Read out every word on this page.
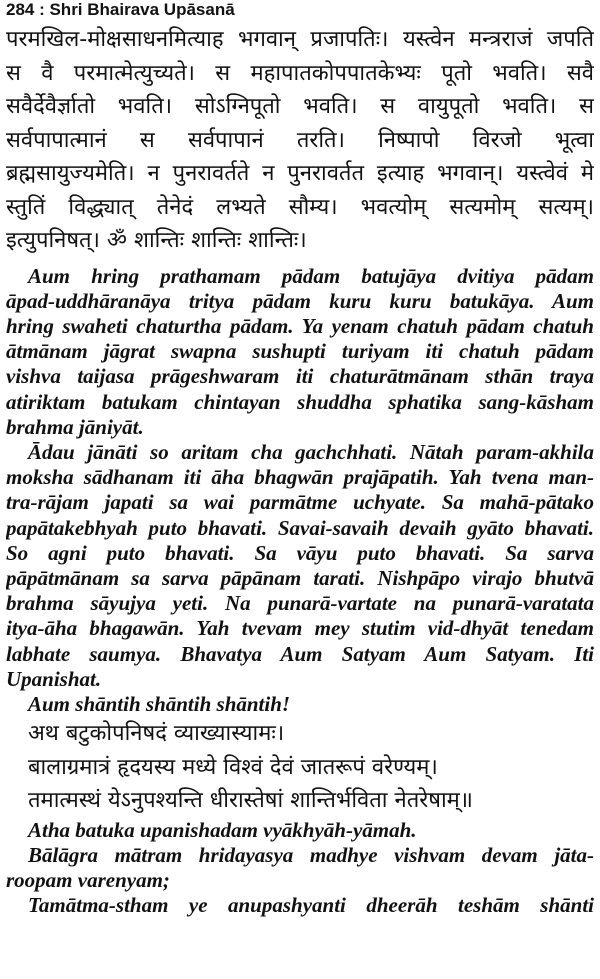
284 : Shri Bhairava Upāsanā

परमखिल-मोक्षसाधनमित्याह भगवान् प्रजापतिः। यस्त्वेन मन्त्रराजं जपति

स वै परमात्मेत्युच्यते। स महापातकोपपातकेभ्यः पूतो भवति। सवै

सवैर्देवैर्ज्ञातो भवति। सोऽग्निपूतो भवति। स वायुपूतो भवति। स

सर्वपापात्मानं स सर्वपापानं तरति। निष्पापो विरजो भूत्वा

ब्रह्मसायुज्यमेति। न पुनरावर्तते न पुनरावर्तत इत्याह भगवान्। यस्त्वेवं मे

स्तुतिं विद्ध्यात् तेनेदं लभ्यते सौम्य। भवत्योम् सत्यमोम् सत्यम्।

इत्युपनिषत्। ॐ शान्तिः शान्तिः शान्तिः।

Aum hring prathamam pādam batujāya dvitiya pādam

āpad-uddhāranāya tritya pādam kuru kuru batukāya. Aum

hring swaheti chaturtha pādam. Ya yenam chatuh pādam chatuh

ātmānam jāgrat swapna sushupti turiyam iti chatuh pādam

vishva taijasa prāgeshwaram iti chaturātmānam sthān traya

atiriktam batukam chintayan shuddha sphatika sang-kāsham

brahma jāniyāt.

Ādau jānāti so aritam cha gachchhati. Nātah param-akhila

moksha sādhanam iti āha bhagwān prajāpatih. Yah tvena man-

tra-rājam japati sa wai parmātme uchyate. Sa mahā-pātako

papātakebhyah puto bhavati. Savai-savaih devaih gyāto bhavati.

So agni puto bhavati. Sa vāyu puto bhavati. Sa sarva

pāpātmānam sa sarva pāpānam tarati. Nishpāpo virajo bhutvā

brahma sāyujya yeti. Na punarā-vartate na punarā-varatata

itya-āha bhagawān. Yah tvevam mey stutim vid-dhyāt tenedam

labhate saumya. Bhavatya Aum Satyam Aum Satyam. Iti

Upanishat.

Aum shāntih shāntih shāntih!

अथ बटुकोपनिषदं व्याख्यास्यामः।

बालाग्रमात्रं हृदयस्य मध्ये विश्वं देवं जातरूपं वरेण्यम्।

तमात्मस्थं येऽनुपश्यन्ति धीरास्तेषां शान्तिर्भविता नेतरेषाम्॥

Atha batuka upanishadam vyākhyāh-yāmah.

Bālāgra mātram hridayasya madhye vishvam devam jāta-

roopam varenyam;

Tamātma-stham ye anupashyanti dheerāh teshām shānti
